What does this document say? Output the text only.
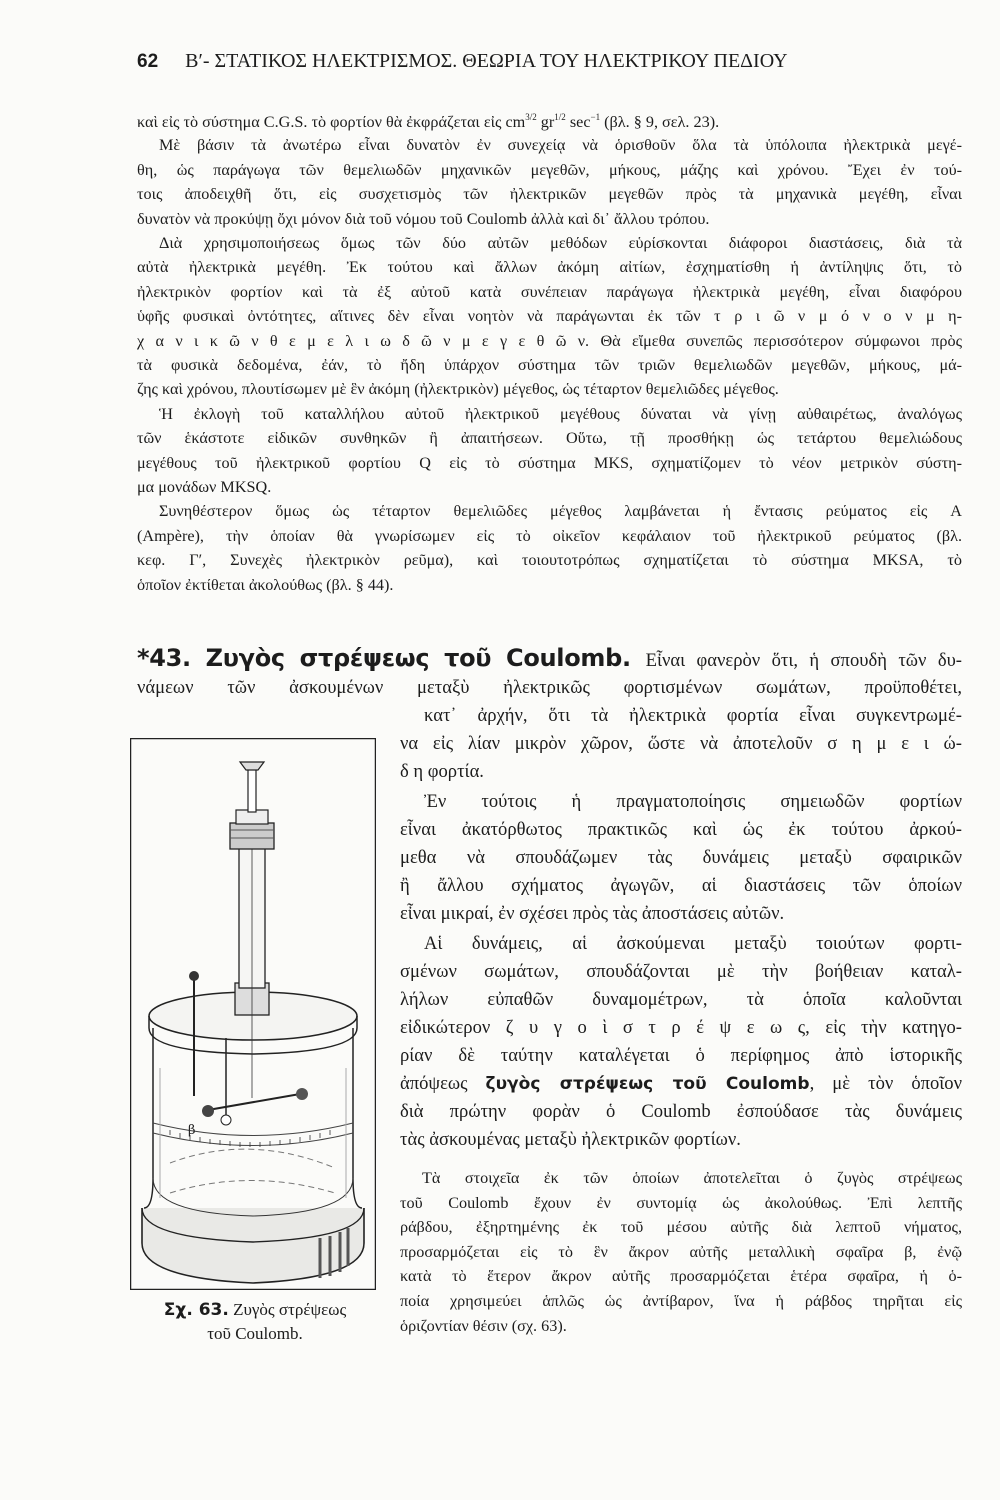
62 Β′- ΣΤΑΤΙΚΟΣ ΗΛΕΚΤΡΙΣΜΟΣ. ΘΕΩΡΙΑ ΤΟΥ ΗΛΕΚΤΡΙΚΟΥ ΠΕΔΙΟΥ
καὶ εἰς τὸ σύστημα C.G.S. τὸ φορτίον θὰ ἐκφράζεται εἰς $cm^{3/2}$ $gr^{1/2}$ $\sec^{-1} (\beta\lambda$. § 9, σελ. 23).
Μὲ βάσιν τὰ ἀνωτέρω εἶναι δυνατὸν ἐν συνεχείᾳ νὰ ὁρισθοῦν ὅλα τὰ ὑπόλοιπα ἠλεκτρικὰ μεγέ-
θη, ὡς παράγωγα τῶν θεμελιωδῶν μηχανικῶν μεγεθῶν, μήκους, μάζης καὶ χρόνου. Ἔχει ἐν τού-
τοις ἀποδειχθῆ ὅτι, εἰς συσχετισμὸς τῶν ἠλεκτρικῶν μεγεθῶν πρὸς τὰ μηχανικὰ μεγέθη, εἶναι
δυνατὸν νὰ προκύψῃ ὄχι μόνον διὰ τοῦ νόμου τοῦ Coulomb ἀλλὰ καὶ δι᾽ ἄλλου τρόπου.
Διὰ χρησιμοποιήσεως ὅμως τῶν δύο αὐτῶν μεθόδων εὑρίσκονται διάφοροι διαστάσεις, διὰ τὰ
αὐτὰ ἠλεκτρικὰ μεγέθη. Ἐκ τούτου καὶ ἄλλων ἀκόμη αἰτίων, ἐσχηματίσθη ἡ ἀντίληψις ὅτι, τὸ
ἠλεκτρικὸν φορτίον καὶ τὰ ἐξ αὐτοῦ κατὰ συνέπειαν παράγωγα ἠλεκτρικὰ μεγέθη, εἶναι διαφόρου
ὑφῆς φυσικαὶ ὀντότητες, αἵτινες δὲν εἶναι νοητὸν νὰ παράγωνται ἐκ τῶν τ ρ ι ῶ ν μ ό ν ο ν μ η-
χ α ν ι κ ῶ ν θ ε μ ε λ ι ω δ ῶ ν μ ε γ ε θ ῶ ν. Θὰ εἴμεθα συνεπῶς περισσότερον σύμφωνοι πρὸς
τὰ φυσικὰ δεδομένα, ἐάν, τὸ ἤδη ὑπάρχον σύστημα τῶν τριῶν θεμελιωδῶν μεγεθῶν, μήκους, μά-
ζης καὶ χρόνου, πλουτίσωμεν μὲ ἓν ἀκόμη (ἠλεκτρικὸν) μέγεθος, ὡς τέταρτον θεμελιῶδες μέγεθος.
Ἡ ἐκλογὴ τοῦ καταλλήλου αὐτοῦ ἠλεκτρικοῦ μεγέθους δύναται νὰ γίνῃ αὐθαιρέτως, ἀναλόγως
τῶν ἑκάστοτε εἰδικῶν συνθηκῶν ἢ ἀπαιτήσεων. Οὕτω, τῇ προσθήκῃ ὡς τετάρτου θεμελιώδους
μεγέθους τοῦ ἠλεκτρικοῦ φορτίου Q εἰς τὸ σύστημα MKS, σχηματίζομεν τὸ νέον μετρικὸν σύστη-
μα μονάδων MKSQ.
Συνηθέστερον ὅμως ὡς τέταρτον θεμελιῶδες μέγεθος λαμβάνεται ἡ ἔντασις ρεύματος εἰς A
(Ampère), τὴν ὁποίαν θὰ γνωρίσωμεν εἰς τὸ οἰκεῖον κεφάλαιον τοῦ ἠλεκτρικοῦ ρεύματος (βλ.
κεφ. Γ′, Συνεχὲς ἠλεκτρικὸν ρεῦμα), καὶ τοιουτοτρόπως σχηματίζεται τὸ σύστημα MKSA, τὸ
ὁποῖον ἐκτίθεται ἀκολούθως (βλ. § 44).
*43. Ζυγὸς στρέψεως τοῦ Coulomb. Εἶναι φανερὸν ὅτι, ἡ σπουδὴ τῶν δυ-
νάμεων τῶν ἀσκουμένων μεταξὺ ἠλεκτρικῶς φορτισμένων σωμάτων, προϋποθέτει,
κατ᾽ ἀρχήν, ὅτι τὰ ἠλεκτρικὰ φορτία εἶναι συγκεντρωμέ-
να εἰς λίαν μικρὸν χῶρον, ὥστε νὰ ἀποτελοῦν σ η μ ε ι ώ-
δ η φορτία.
Ἐν τούτοις ἡ πραγματοποίησις σημειωδῶν φορτίων
εἶναι ἀκατόρθωτος πρακτικῶς καὶ ὡς ἐκ τούτου ἀρκού-
μεθα νὰ σπουδάζωμεν τὰς δυνάμεις μεταξὺ σφαιρικῶν
ἢ ἄλλου σχήματος ἀγωγῶν, αἱ διαστάσεις τῶν ὁποίων
εἶναι μικραί, ἐν σχέσει πρὸς τὰς ἀποστάσεις αὐτῶν.
Αἱ δυνάμεις, αἱ ἀσκούμεναι μεταξὺ τοιούτων φορτι-
σμένων σωμάτων, σπουδάζονται μὲ τὴν βοήθειαν καταλ-
λήλων εὐπαθῶν δυναμομέτρων, τὰ ὁποῖα καλοῦνται
εἰδικώτερον ζ υ γ ο ὶ σ τ ρ έ ψ ε ω ς, εἰς τὴν κατηγο-
ρίαν δὲ ταύτην καταλέγεται ὁ περίφημος ἀπὸ ἱστορικῆς
ἀπόψεως ζυγὸς στρέψεως τοῦ Coulomb, μὲ τὸν ὁποῖον
διὰ πρώτην φορὰν ὁ Coulomb ἐσπούδασε τὰς δυνάμεις
τὰς ἀσκουμένας μεταξὺ ἠλεκτρικῶν φορτίων.
Τὰ στοιχεῖα ἐκ τῶν ὁποίων ἀποτελεῖται ὁ ζυγὸς στρέψεως
τοῦ Coulomb ἔχουν ἐν συντομίᾳ ὡς ἀκολούθως. Ἐπὶ λεπτῆς
ράβδου, ἐξηρτημένης ἐκ τοῦ μέσου αὐτῆς διὰ λεπτοῦ νήματος,
προσαρμόζεται εἰς τὸ ἓν ἄκρον αὐτῆς μεταλλικὴ σφαῖρα β, ἐνῷ
κατὰ τὸ ἕτερον ἄκρον αὐτῆς προσαρμόζεται ἑτέρα σφαῖρα, ἡ ὁ-
ποία χρησιμεύει ἁπλῶς ὡς ἀντίβαρον, ἵνα ἡ ράβδος τηρῆται εἰς
ὁριζοντίαν θέσιν (σχ. 63).
β
Σχ. 63. Ζυγὸς στρέψεως
τοῦ Coulomb.
